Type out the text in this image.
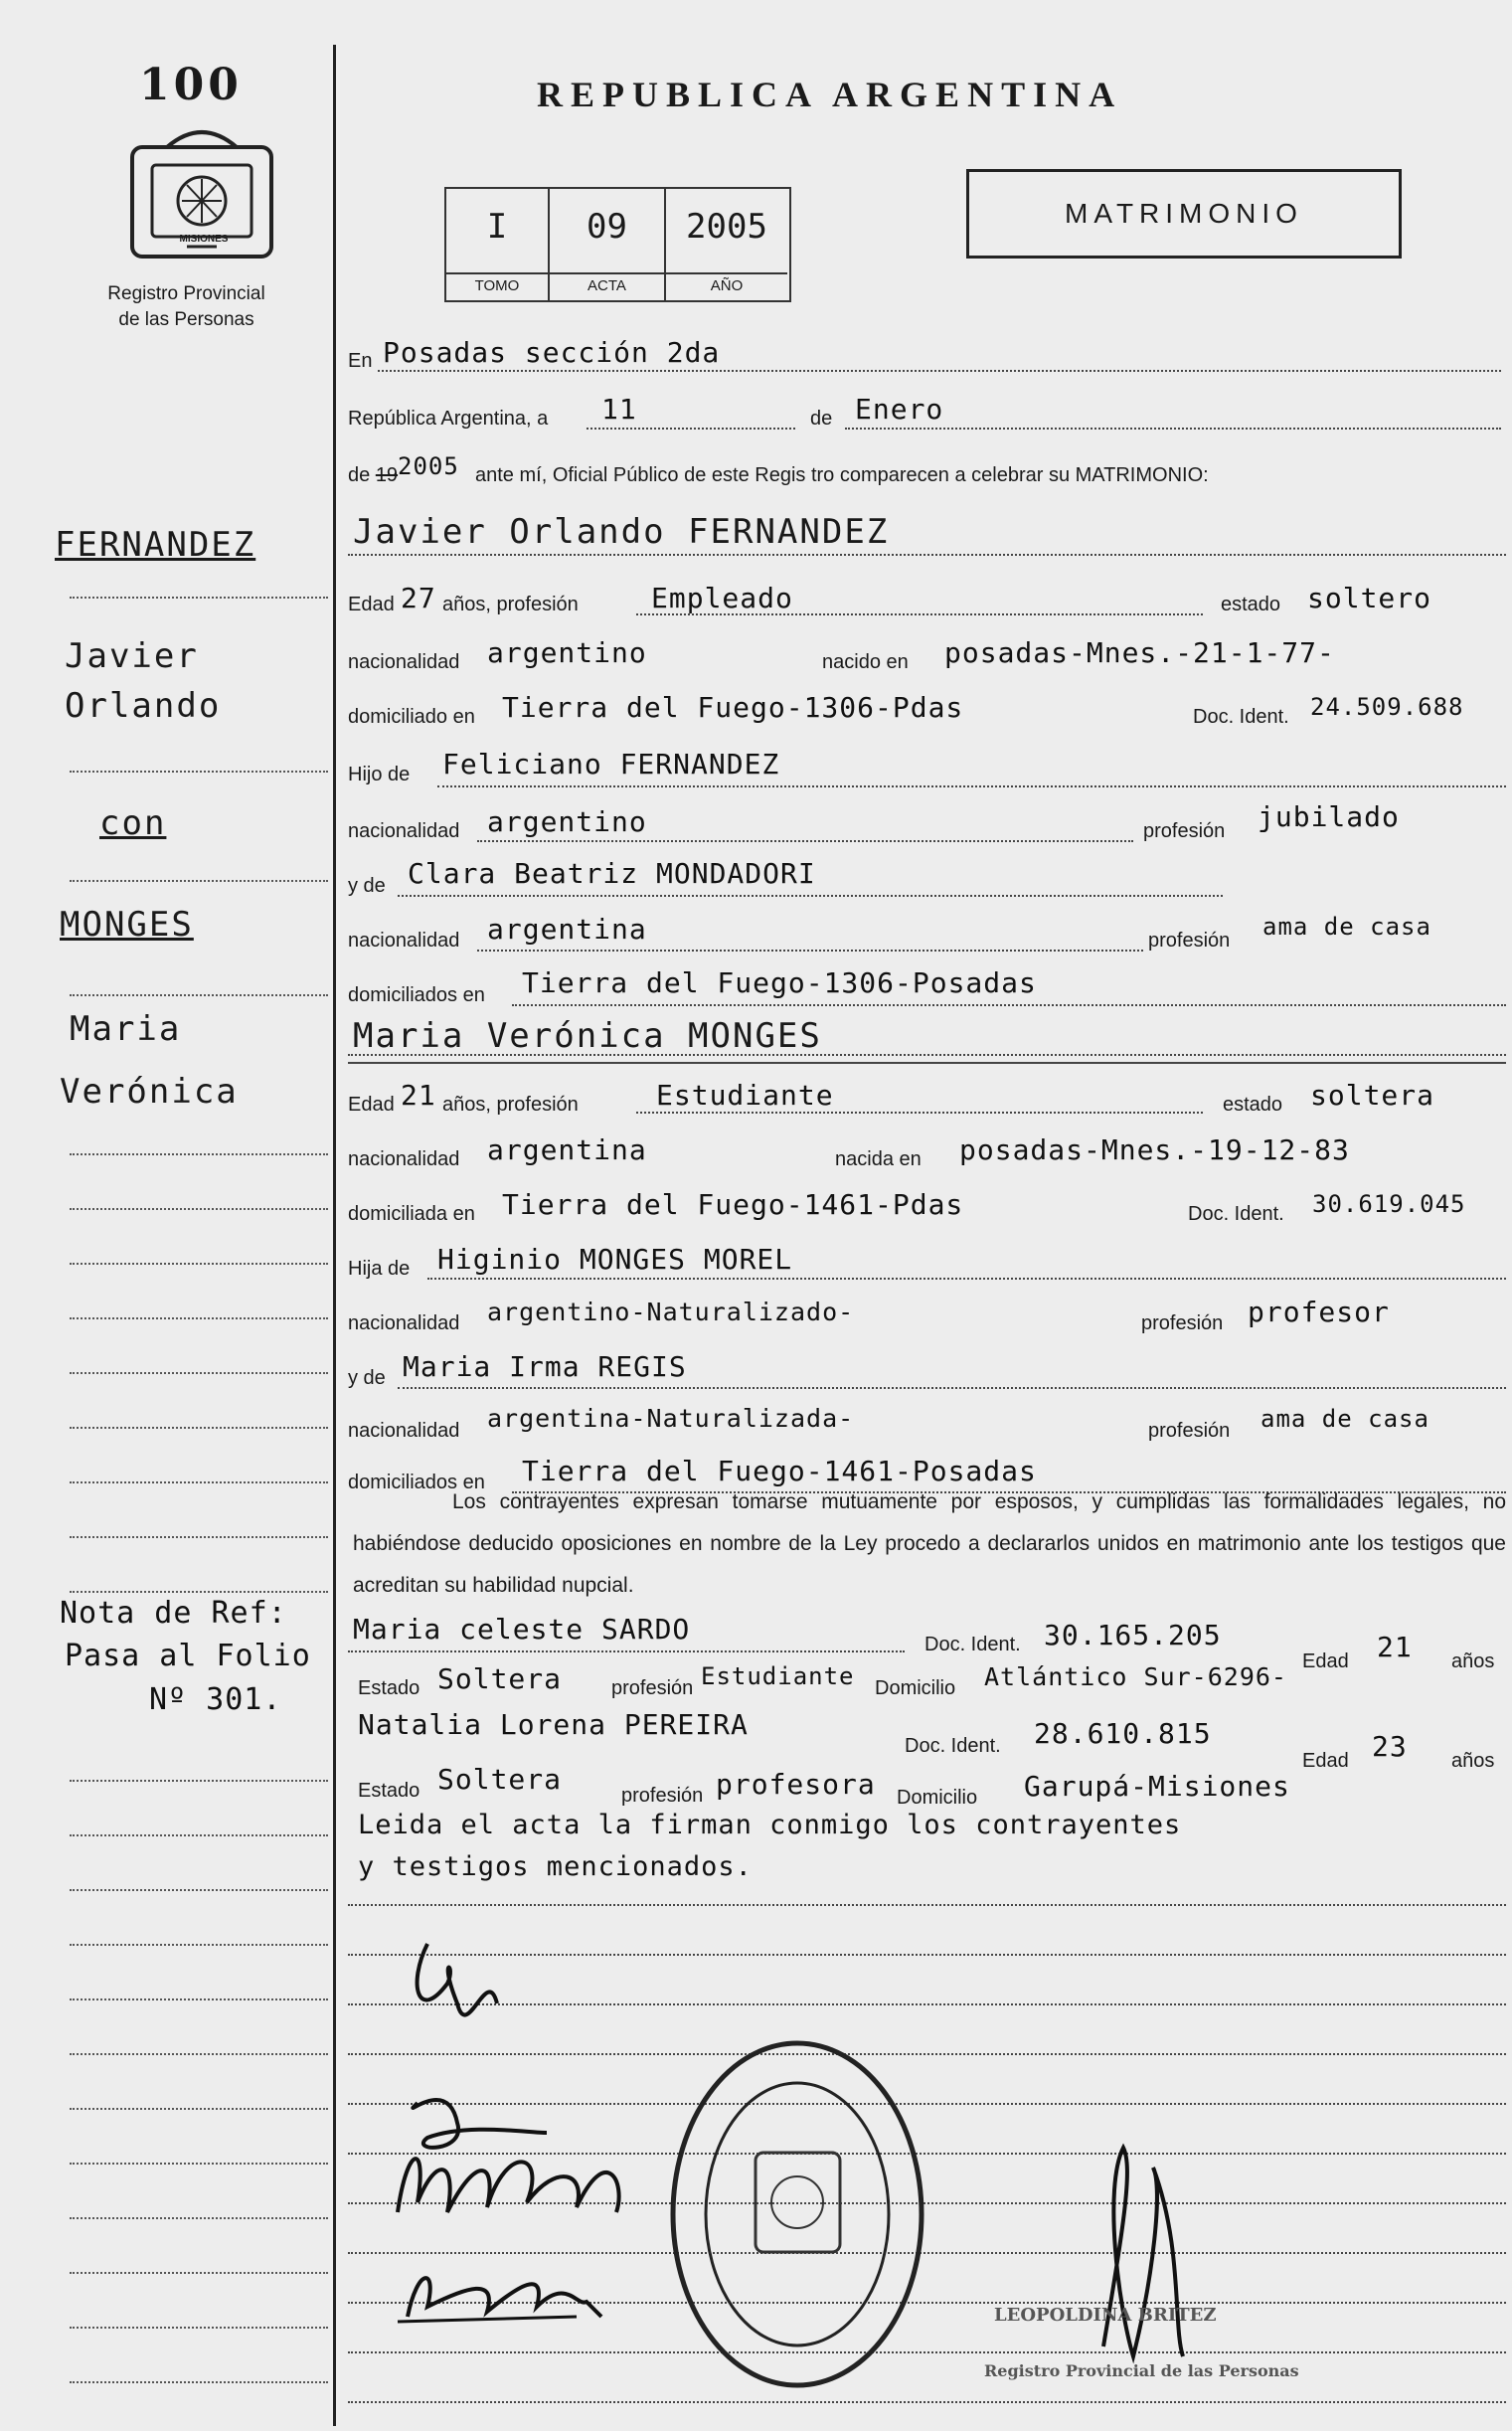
100
MISIONES
Registro Provincial
de las Personas
REPUBLICA ARGENTINA
MATRIMONIO
I
TOMO
09
ACTA
2005
AÑO
En Posadas sección 2da
República Argentina, a 11	de Enero
de 19 2005 ante mí, Oficial Público de este Regis tro comparecen a celebrar su MATRIMONIO:
Javier Orlando FERNANDEZ
Edad 27 años, profesión	Empleado	estado soltero
nacionalidad argentino	nacido en posadas-Mnes.-21-1-77-
domiciliado en Tierra del Fuego-1306-Pdas	Doc. Ident. 24.509.688
Hijo de Feliciano FERNANDEZ
nacionalidad argentino	profesión jubilado
y de Clara Beatriz MONDADORI
nacionalidad argentina	profesión ama de casa
domiciliados en Tierra del Fuego-1306-Posadas
Maria Verónica MONGES
Edad 21 años, profesión	Estudiante	estado soltera
nacionalidad argentina	nacida en posadas-Mnes.-19-12-83
domiciliada en Tierra del Fuego-1461-Pdas	Doc. Ident. 30.619.045
Hija de Higinio MONGES MOREL
nacionalidad argentino-Naturalizado-	profesión profesor
y de Maria Irma REGIS
nacionalidad argentina-Naturalizada-	profesión ama de casa
domiciliados en Tierra del Fuego-1461-Posadas
Los contrayentes expresan tomarse mutuamente por esposos, y cumplidas las formalidades legales, no habiéndose deducido oposiciones en nombre de la Ley procedo a declararlos unidos en matrimonio ante los testigos que acreditan su habilidad nupcial.
Maria celeste SARDO	Doc. Ident. 30.165.205
Edad 21 años
Estado Soltera profesión Estudiante Domicilio Atlántico Sur-6296-
Natalia Lorena PEREIRA
Doc. Ident. 28.610.815
Edad 23 años
Estado Soltera	profesión profesora Domicilio Garupá-Misiones
Leida el acta la firman conmigo los contrayentes
y testigos mencionados.
LEOPOLDINA BRITEZ
Registro Provincial de las Personas
FERNANDEZ
Javier
Orlando
con
MONGES
Maria
Verónica
Nota de Ref:
Pasa al Folio
Nº 301.
